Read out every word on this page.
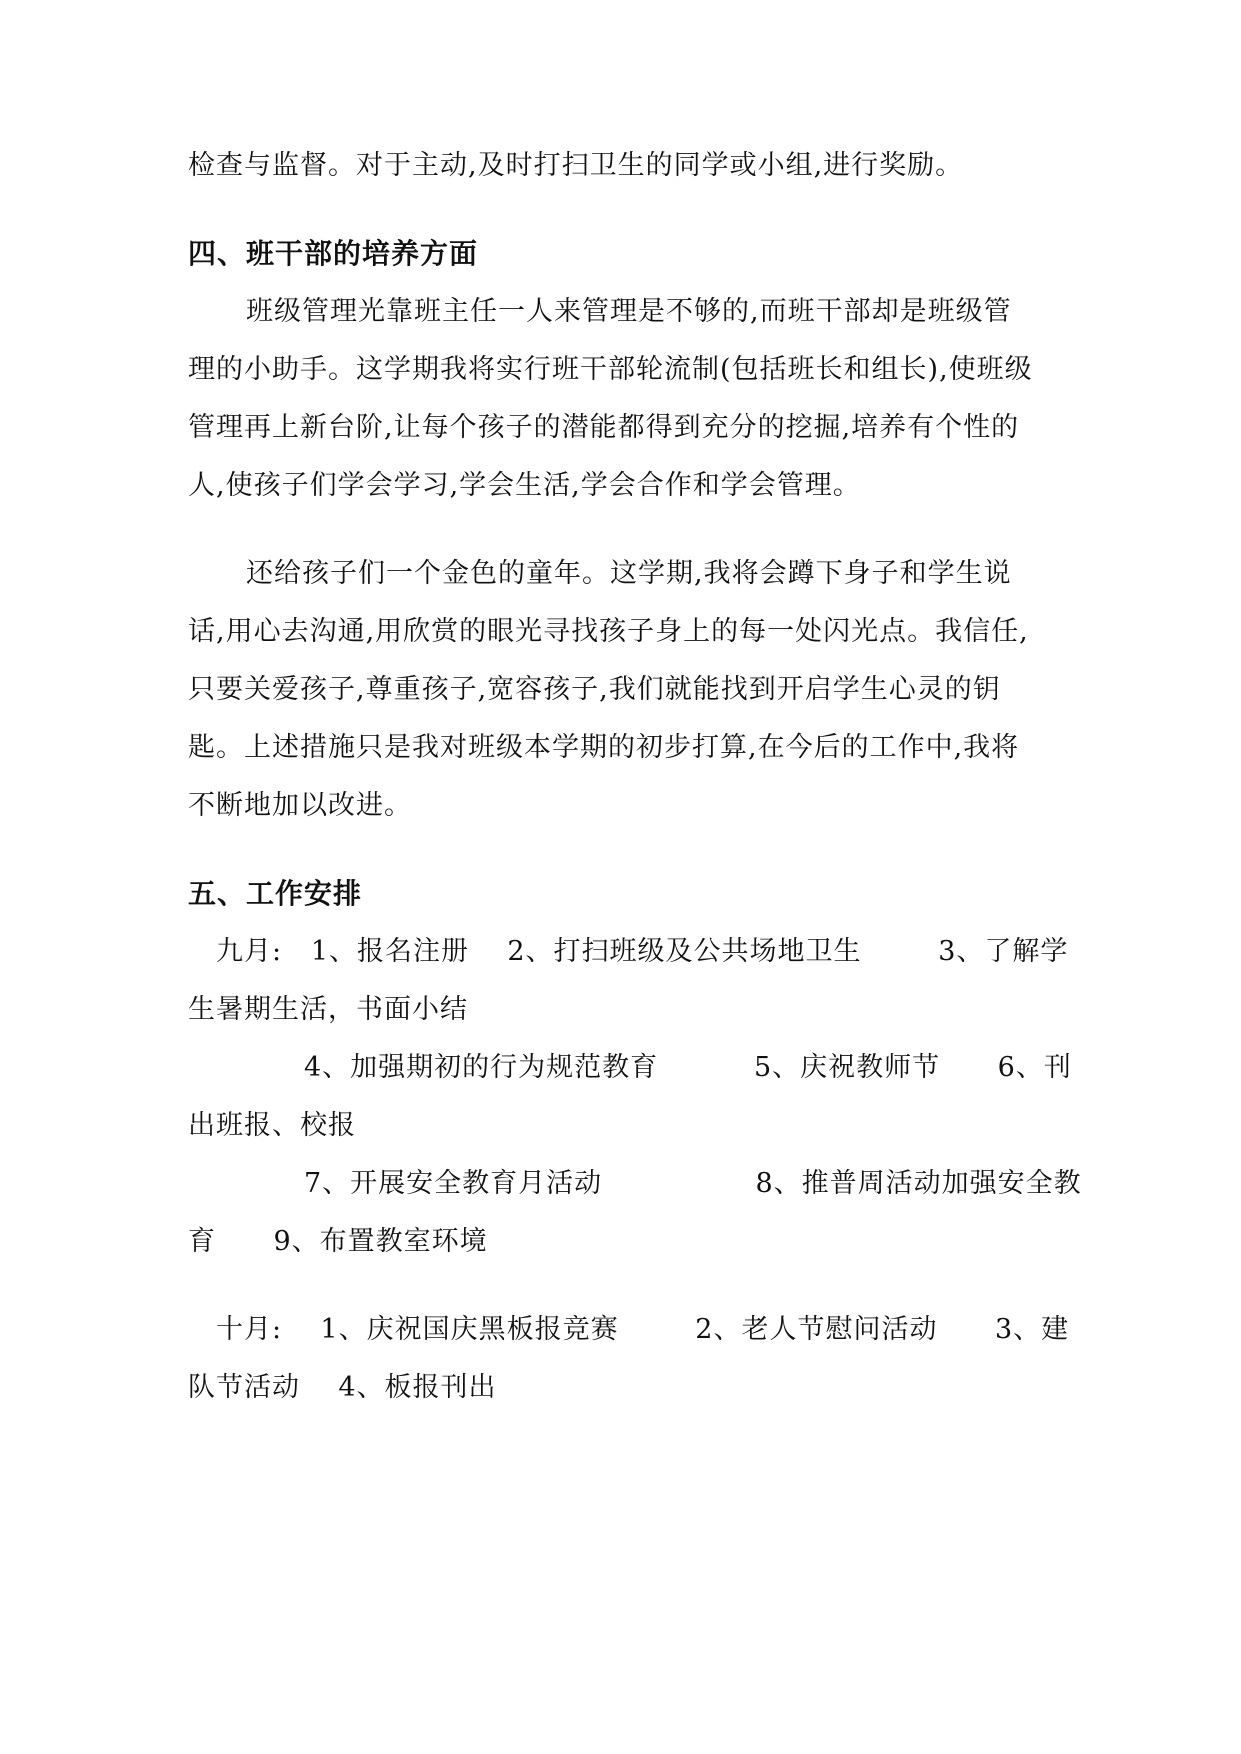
检查与监督。对于主动,及时打扫卫生的同学或小组,进行奖励。
四、班干部的培养方面
班级管理光靠班主任一人来管理是不够的,而班干部却是班级管
理的小助手。这学期我将实行班干部轮流制(包括班长和组长),使班级
管理再上新台阶,让每个孩子的潜能都得到充分的挖掘,培养有个性的
人,使孩子们学会学习,学会生活,学会合作和学会管理。
还给孩子们一个金色的童年。这学期,我将会蹲下身子和学生说
话,用心去沟通,用欣赏的眼光寻找孩子身上的每一处闪光点。我信任,
只要关爱孩子,尊重孩子,宽容孩子,我们就能找到开启学生心灵的钥
匙。上述措施只是我对班级本学期的初步打算,在今后的工作中,我将
不断地加以改进。
五、工作安排
九月:   1、报名注册    2、打扫班级及公共场地卫生        3、了解学
生暑期生活，书面小结
4、加强期初的行为规范教育          5、庆祝教师节      6、刊
出班报、校报
7、开展安全教育月活动                8、推普周活动加强安全教
育      9、布置教室环境
十月:    1、庆祝国庆黑板报竞赛        2、老人节慰问活动      3、建
队节活动    4、板报刊出
